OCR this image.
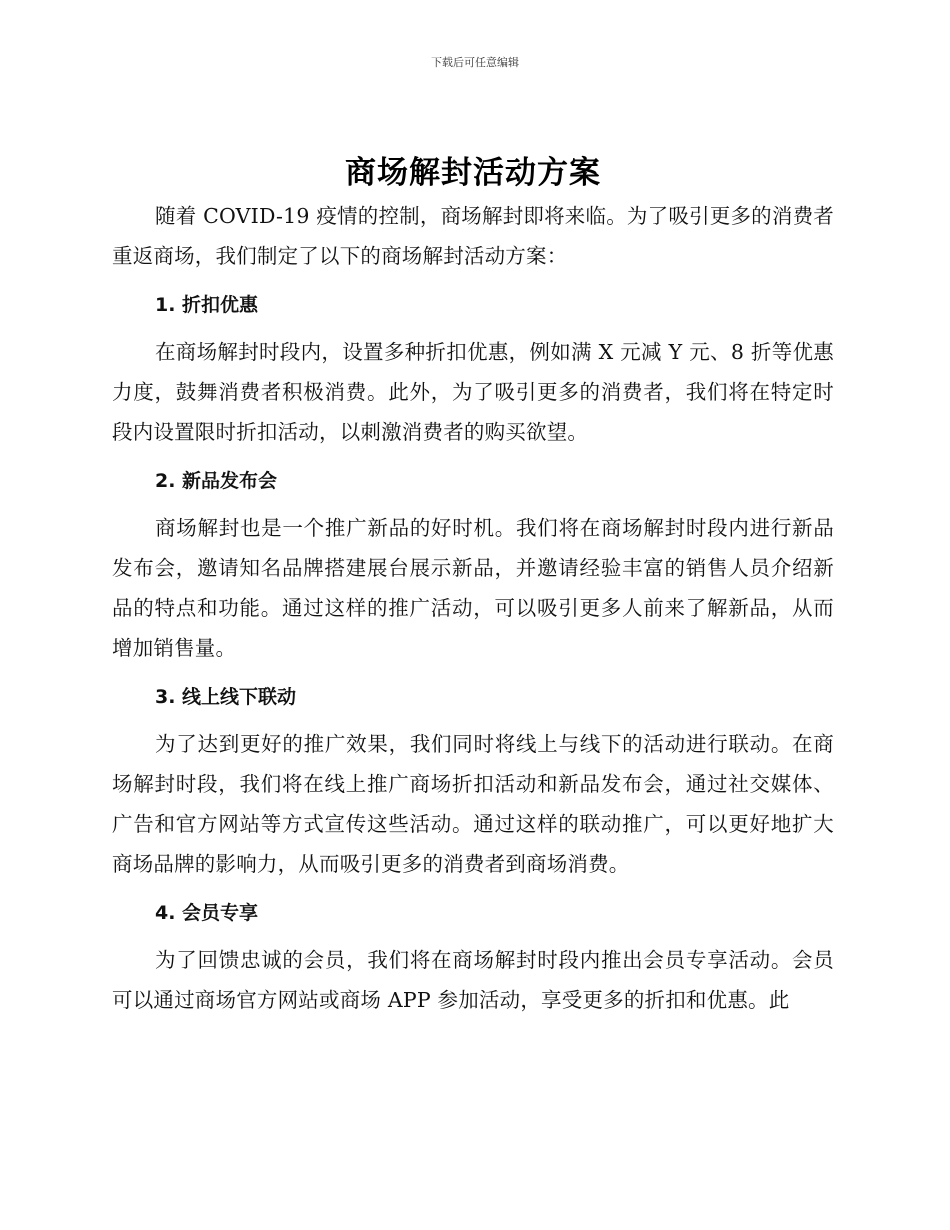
下载后可任意编辑
商场解封活动方案

随着 COVID-19 疫情的控制，商场解封即将来临。为了吸引更多的消费者重返商场，我们制定了以下的商场解封活动方案：

1. 折扣优惠

在商场解封时段内，设置多种折扣优惠，例如满 X 元减 Y 元、8 折等优惠力度，鼓舞消费者积极消费。此外，为了吸引更多的消费者，我们将在特定时段内设置限时折扣活动，以刺激消费者的购买欲望。

2. 新品发布会

商场解封也是一个推广新品的好时机。我们将在商场解封时段内进行新品发布会，邀请知名品牌搭建展台展示新品，并邀请经验丰富的销售人员介绍新品的特点和功能。通过这样的推广活动，可以吸引更多人前来了解新品，从而增加销售量。

3. 线上线下联动

为了达到更好的推广效果，我们同时将线上与线下的活动进行联动。在商场解封时段，我们将在线上推广商场折扣活动和新品发布会，通过社交媒体、广告和官方网站等方式宣传这些活动。通过这样的联动推广，可以更好地扩大商场品牌的影响力，从而吸引更多的消费者到商场消费。

4. 会员专享

为了回馈忠诚的会员，我们将在商场解封时段内推出会员专享活动。会员可以通过商场官方网站或商场 APP 参加活动，享受更多的折扣和优惠。此
